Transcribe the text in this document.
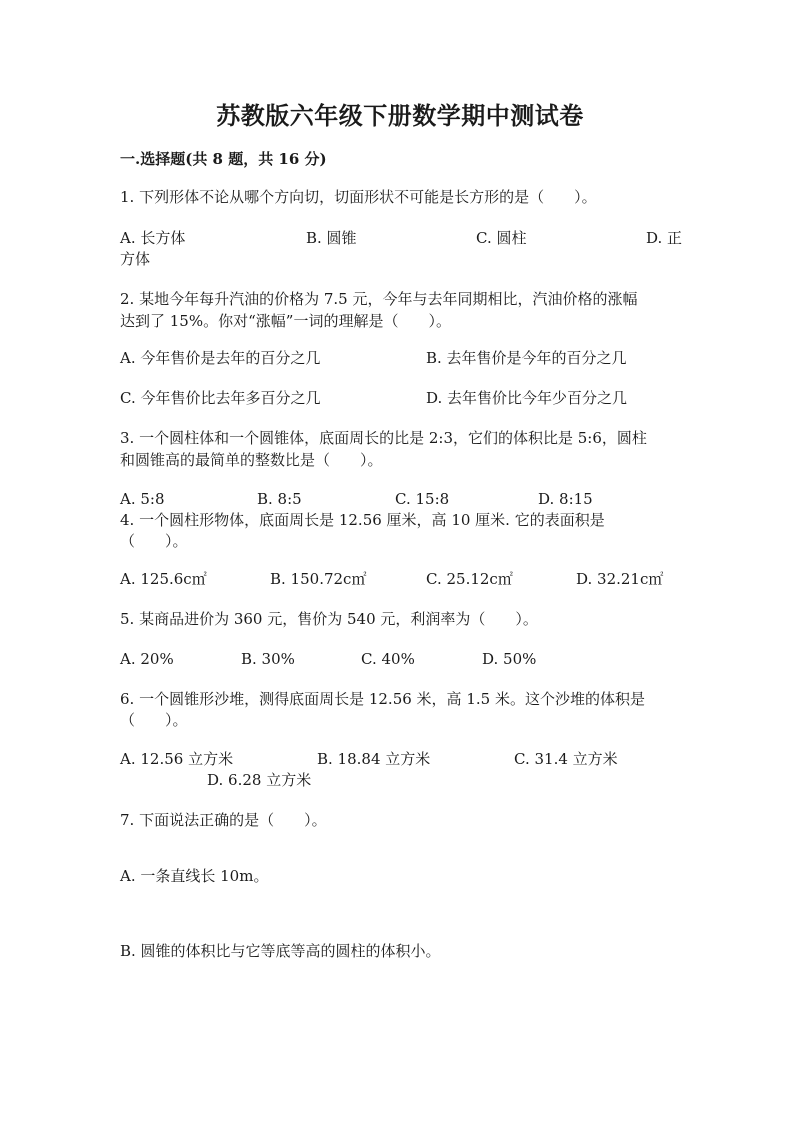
苏教版六年级下册数学期中测试卷
一.选择题(共 8 题，共 16 分)
1. 下列形体不论从哪个方向切，切面形状不可能是长方形的是（　　）。
A. 长方体	B. 圆锥	C. 圆柱	D. 正
方体
2. 某地今年每升汽油的价格为 7.5 元，今年与去年同期相比，汽油价格的涨幅
达到了 15%。你对“涨幅”一词的理解是（　　）。
A. 今年售价是去年的百分之几	B. 去年售价是今年的百分之几
C. 今年售价比去年多百分之几	D. 去年售价比今年少百分之几
3. 一个圆柱体和一个圆锥体，底面周长的比是 2:3，它们的体积比是 5:6，圆柱
和圆锥高的最简单的整数比是（　　）。
A. 5:8	B. 8:5	C. 15:8	D. 8:15
4. 一个圆柱形物体，底面周长是 12.56 厘米，高 10 厘米. 它的表面积是
（　　）。
A. 125.6c㎡	B. 150.72c㎡	C. 25.12c㎡	D. 32.21c㎡
5. 某商品进价为 360 元，售价为 540 元，利润率为（　　）。
A. 20%	B. 30%	C. 40%	D. 50%
6. 一个圆锥形沙堆，测得底面周长是 12.56 米，高 1.5 米。这个沙堆的体积是
（　　）。
A. 12.56 立方米	B. 18.84 立方米	C. 31.4 立方米
D. 6.28 立方米
7. 下面说法正确的是（　　）。
A. 一条直线长 10m。
B. 圆锥的体积比与它等底等高的圆柱的体积小。
